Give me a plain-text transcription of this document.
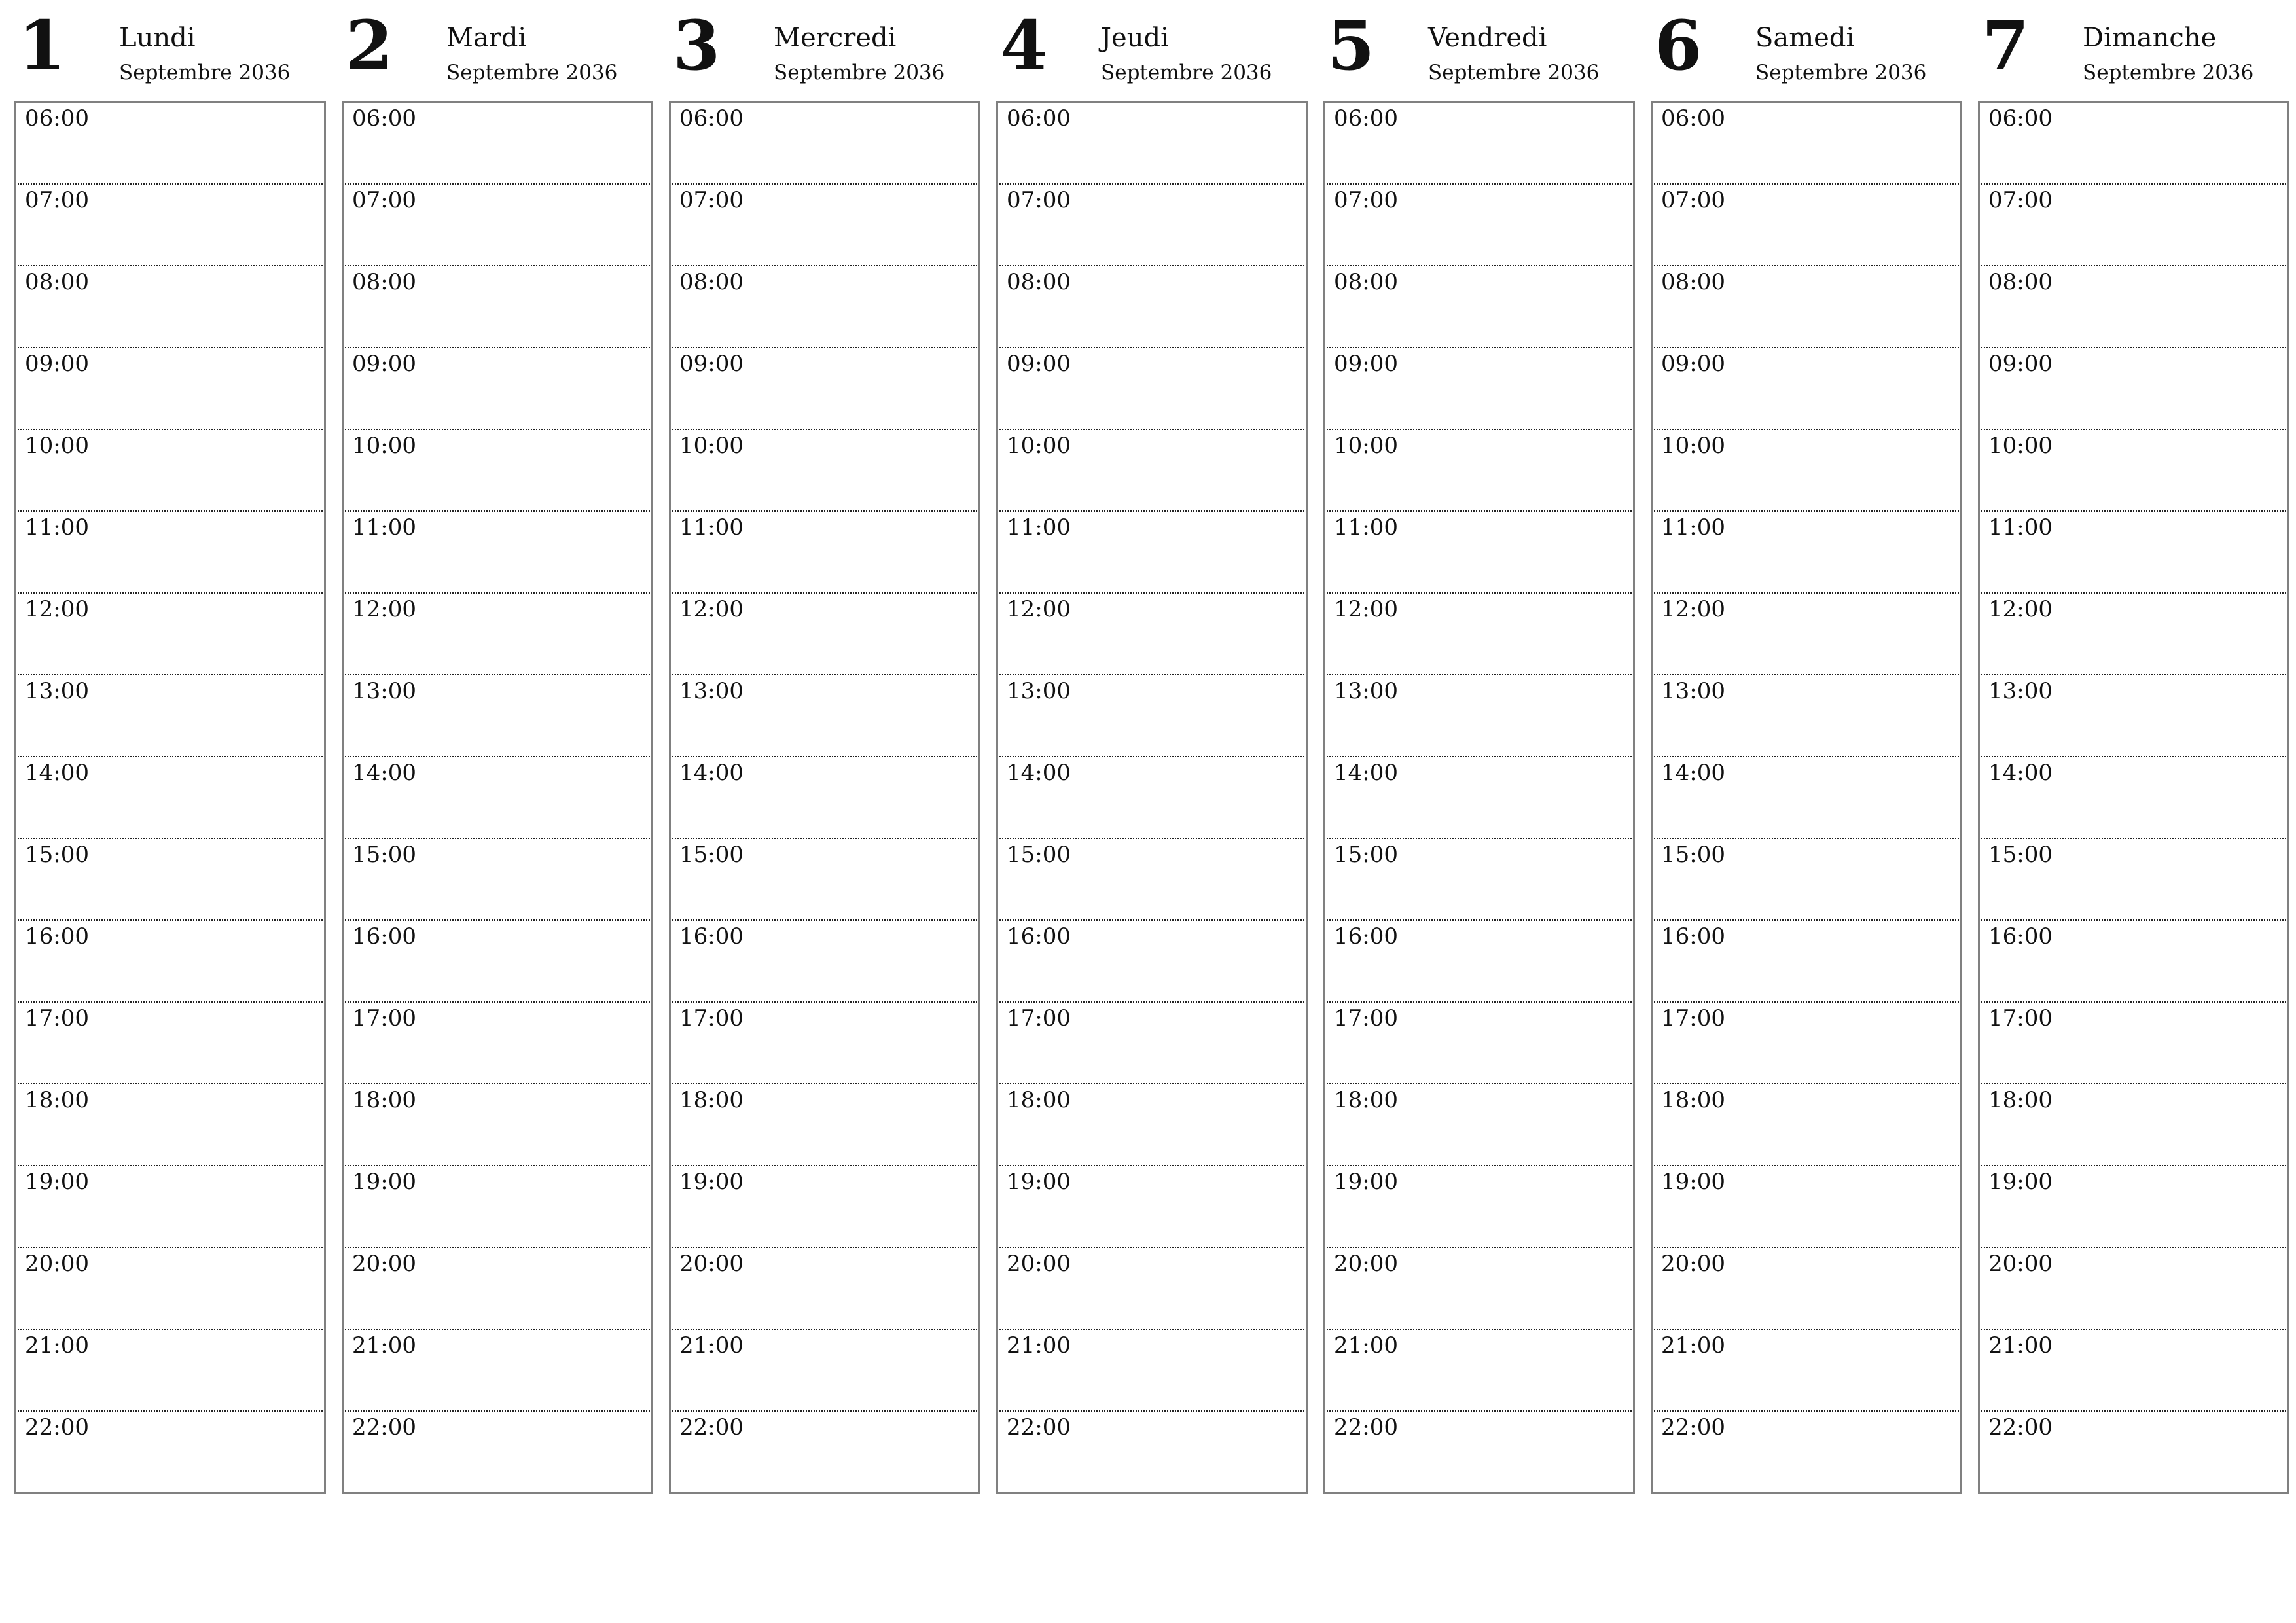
1 Lundi
Septembre 2036
06:00
07:00
08:00
09:00
10:00
11:00
12:00
13:00
14:00
15:00
16:00
17:00
18:00
19:00
20:00
21:00
22:00
2 Mardi
Septembre 2036
06:00
07:00
08:00
09:00
10:00
11:00
12:00
13:00
14:00
15:00
16:00
17:00
18:00
19:00
20:00
21:00
22:00
3 Mercredi
Septembre 2036
06:00
07:00
08:00
09:00
10:00
11:00
12:00
13:00
14:00
15:00
16:00
17:00
18:00
19:00
20:00
21:00
22:00
4 Jeudi
Septembre 2036
06:00
07:00
08:00
09:00
10:00
11:00
12:00
13:00
14:00
15:00
16:00
17:00
18:00
19:00
20:00
21:00
22:00
5 Vendredi
Septembre 2036
06:00
07:00
08:00
09:00
10:00
11:00
12:00
13:00
14:00
15:00
16:00
17:00
18:00
19:00
20:00
21:00
22:00
6 Samedi
Septembre 2036
06:00
07:00
08:00
09:00
10:00
11:00
12:00
13:00
14:00
15:00
16:00
17:00
18:00
19:00
20:00
21:00
22:00
7 Dimanche
Septembre 2036
06:00
07:00
08:00
09:00
10:00
11:00
12:00
13:00
14:00
15:00
16:00
17:00
18:00
19:00
20:00
21:00
22:00
